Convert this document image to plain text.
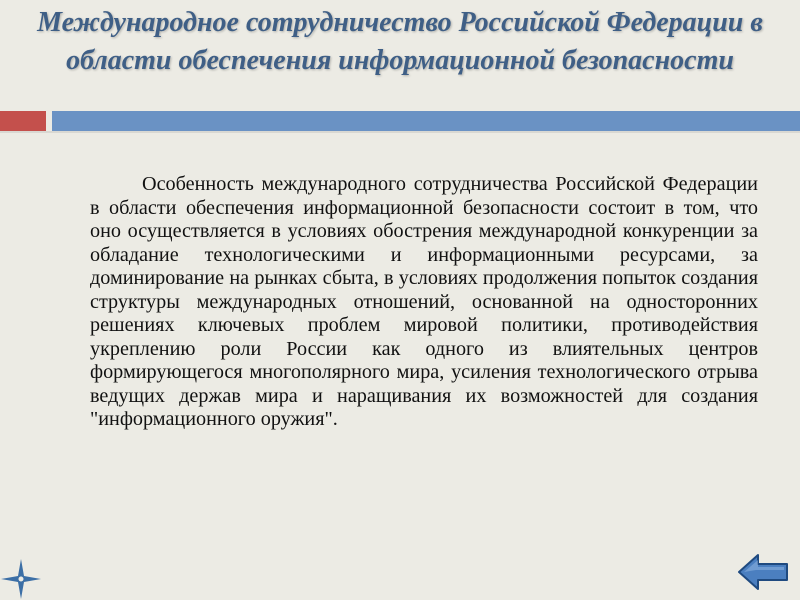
Международное сотрудничество Российской Федерации в области обеспечения информационной безопасности

Особенность международного сотрудничества Российской Федерации в области обеспечения информационной безопасности состоит в том, что оно осуществляется в условиях обострения международной конкуренции за обладание технологическими и информационными ресурсами, за доминирование на рынках сбыта, в условиях продолжения попыток создания структуры международных отношений, основанной на односторонних решениях ключевых проблем мировой политики, противодействия укреплению роли России как одного из влиятельных центров формирующегося многополярного мира, усиления технологического отрыва ведущих держав мира и наращивания их возможностей для создания "информационного оружия".
